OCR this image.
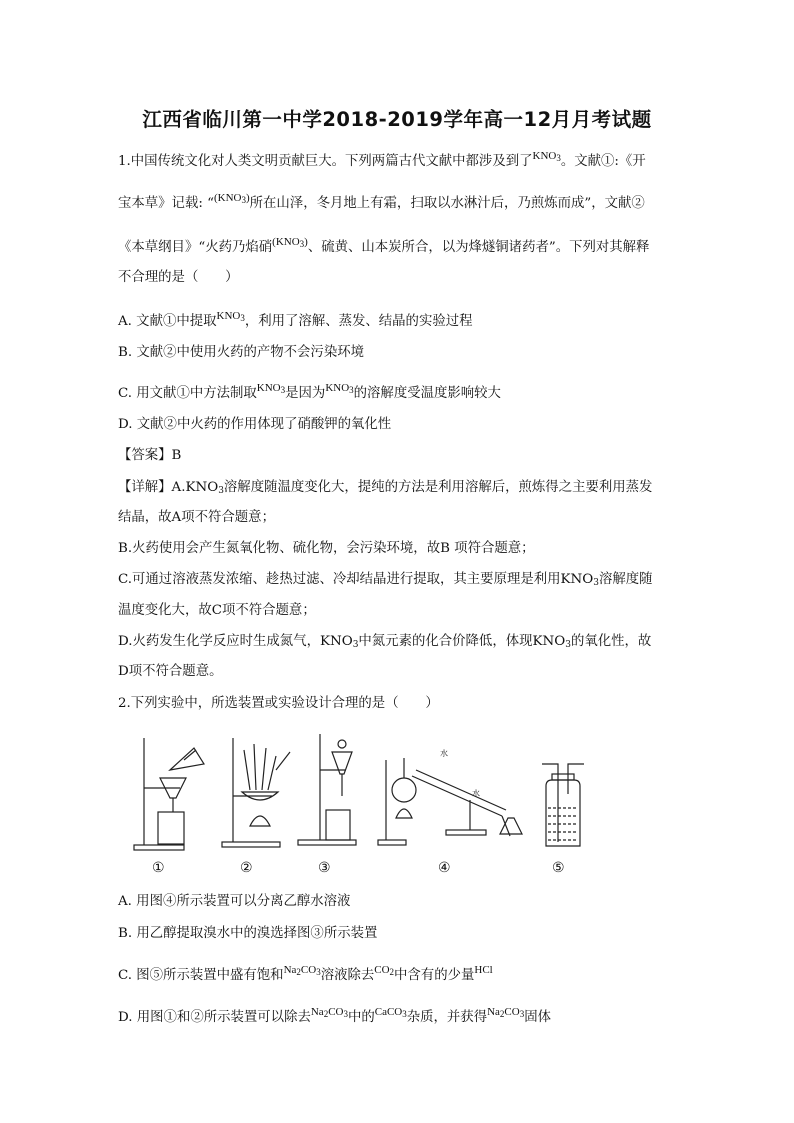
江西省临川第一中学2018-2019学年高一12月月考试题
1.中国传统文化对人类文明贡献巨大。下列两篇古代文献中都涉及到了$^{KNO_3}$。文献①:《开
宝本草》记载: “$^{(KNO_3)}$所在山泽，冬月地上有霜，扫取以水淋汁后，乃煎炼而成”，文献②
《本草纲目》“火药乃焰硝$^{(KNO_3)}$、硫黄、山本炭所合，以为烽燧铜诸药者”。下列对其解释
不合理的是（　　）
A. 文献①中提取$^{KNO_3}$，利用了溶解、蒸发、结晶的实验过程
B. 文献②中使用火药的产物不会污染环境
C. 用文献①中方法制取$^{KNO_3}$是因为$^{KNO_3}$的溶解度受温度影响较大
D. 文献②中火药的作用体现了硝酸钾的氧化性
【答案】B
【详解】$A.KNO_3$溶解度随温度变化大，提纯的方法是利用溶解后，煎炼得之主要利用蒸发
结晶，故A项不符合题意；
B.火药使用会产生氮氧化物、硫化物，会污染环境，故B 项符合题意；
C.可通过溶液蒸发浓缩、趁热过滤、冷却结晶进行提取，其主要原理是利用$KNO_3$溶解度随
温度变化大，故C项不符合题意；
D.火药发生化学反应时生成氮气，$KNO_3$中氮元素的化合价降低，体现$KNO_3$的氧化性，故
D项不符合题意。
2.下列实验中，所选装置或实验设计合理的是（　　）
水
水
①	②	③	④	⑤
A. 用图④所示装置可以分离乙醇水溶液
B. 用乙醇提取溴水中的溴选择图③所示装置
C. 图⑤所示装置中盛有饱和$^{Na_2CO_3}$溶液除去$^{CO_2}$中含有的少量$^{HCl}$
D. 用图①和②所示装置可以除去$^{Na_2CO_3}$中的$^{CaCO_3}$杂质，并获得$^{Na_2CO_3}$固体
